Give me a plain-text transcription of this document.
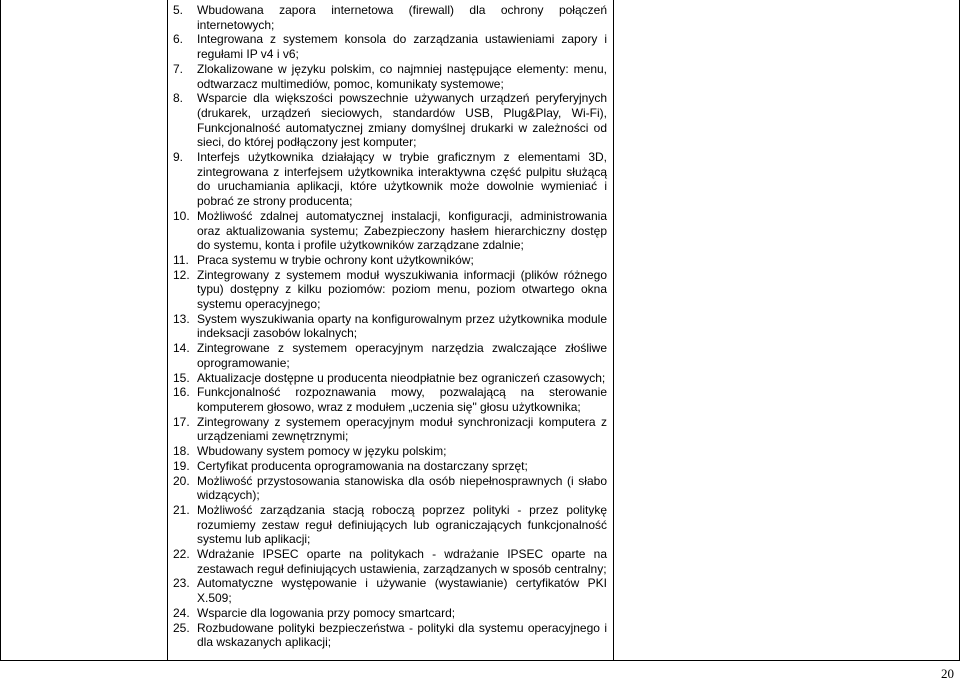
5.	Wbudowana zapora internetowa (firewall) dla ochrony połączeń internetowych;
6.	Integrowana z systemem konsola do zarządzania ustawieniami zapory i regułami IP v4 i v6;
7.	Zlokalizowane w języku polskim, co najmniej następujące elementy: menu, odtwarzacz multimediów, pomoc, komunikaty systemowe;
8.	Wsparcie dla większości powszechnie używanych urządzeń peryferyjnych (drukarek, urządzeń sieciowych, standardów USB, Plug&Play, Wi-Fi), Funkcjonalność automatycznej zmiany domyślnej drukarki w zależności od sieci, do której podłączony jest komputer;
9.	Interfejs użytkownika działający w trybie graficznym z elementami 3D, zintegrowana z interfejsem użytkownika interaktywna część pulpitu służącą do uruchamiania aplikacji, które użytkownik może dowolnie wymieniać i pobrać ze strony producenta;
10. Możliwość zdalnej automatycznej instalacji, konfiguracji, administrowania oraz aktualizowania systemu; Zabezpieczony hasłem hierarchiczny dostęp do systemu, konta i profile użytkowników zarządzane zdalnie;
11. Praca systemu w trybie ochrony kont użytkowników;
12. Zintegrowany z systemem moduł wyszukiwania informacji (plików różnego typu) dostępny z kilku poziomów: poziom menu, poziom otwartego okna systemu operacyjnego;
13. System wyszukiwania oparty na konfigurowalnym przez użytkownika module indeksacji zasobów lokalnych;
14. Zintegrowane z systemem operacyjnym narzędzia zwalczające złośliwe oprogramowanie;
15. Aktualizacje dostępne u producenta nieodpłatnie bez ograniczeń czasowych;
16. Funkcjonalność rozpoznawania mowy, pozwalającą na sterowanie komputerem głosowo, wraz z modułem „uczenia się" głosu użytkownika;
17. Zintegrowany z systemem operacyjnym moduł synchronizacji komputera z urządzeniami zewnętrznymi;
18. Wbudowany system pomocy w języku polskim;
19. Certyfikat producenta oprogramowania na dostarczany sprzęt;
20. Możliwość przystosowania stanowiska dla osób niepełnosprawnych (i słabo widzących);
21. Możliwość zarządzania stacją roboczą poprzez polityki - przez politykę rozumiemy zestaw reguł definiujących lub ograniczających funkcjonalność systemu lub aplikacji;
22. Wdrażanie IPSEC oparte na politykach - wdrażanie IPSEC oparte na zestawach reguł definiujących ustawienia, zarządzanych w sposób centralny;
23. Automatyczne występowanie i używanie (wystawianie) certyfikatów PKI X.509;
24. Wsparcie dla logowania przy pomocy smartcard;
25. Rozbudowane polityki bezpieczeństwa - polityki dla systemu operacyjnego i dla wskazanych aplikacji;
20
